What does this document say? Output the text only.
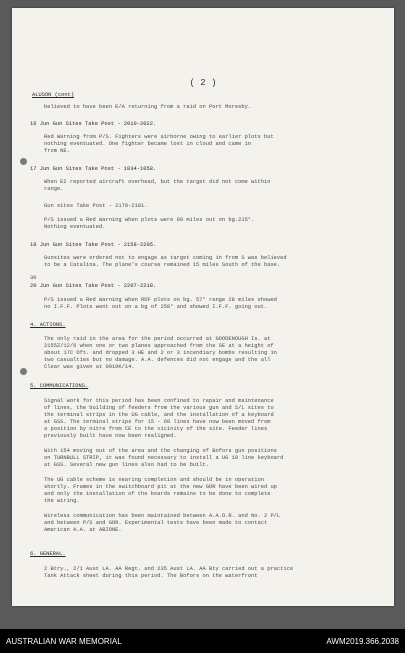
( 2 )
ALUSON (cont)
believed to have been E/A returning from a raid on Port Moresby.
16 Jun Gun Sites Take Post - 2010-2022.
Red Warning from P/S. Fighters were airborne owing to earlier plots but
nothing eventuated. One fighter became lost in cloud and came in
from NE.
17 Jun Gun Sites Take Post - 1034-1058.
When E2 reported aircraft overhead, but the target did not come within
range.
Gun sites Take Post - 2170-2181.
P/S issued a Red Warning when plots were 60 miles out on bg.215°.
Nothing eventuated.
18 Jun Gun Sites Take Post - 2158-2205.
Gunsites were ordered not to engage as target coming in from S was believed
to be a Catalina. The plane's course remained 15 miles South of the base.
30
20 Jun Gun Sites Take Post - 2207-2218.
P/S issued a Red Warning when RDF plots on bg. 57° range 28 miles showed
no I.F.F. Plots went out on a bg of 250° and showed I.F.F. going out.
4. ACTIONS.
The only raid in the area for the period occurred at GOODENOUGH Is. at
2155Z/12/6 when one or two planes approached from the SE at a height of
about 17C Oft. and dropped 3 HE and 2 or 3 incendiary bombs resulting in
two casualties but no damage. A.A. defences did not engage and the all
Clear was given at 0010K/14.
5. COMMUNICATIONS.
Signal work for this period has been confined to repair and maintenance
of lines, the building of feeders from the various gun and S/L sites to
the terminal strips in the UG cable, and the installation of a keyboard
at GSS. The terminal strips for 15 - 60 lines have now been moved from
a position by nitre from CE to the vicinity of the site. Feeder lines
previously built have now been realigned.
With 154 moving out of the area and the changing of Bofors gun positions
on TURNBULL STRIP, it was found necessary to install a UG 10 line keyboard
at GSS. Several new gun lines also had to be built.
The UG cable scheme is nearing completion and should be in operation
shortly. Frames in the switchboard pit at the new GOR have been wired up
and only the installation of the boards remains to be done to complete
the wiring.
Wireless communication has been maintained between A.A.O.R. and No. 2 P/L
and between P/S and GOR. Experimental tests have been made to contact
American A.A. at ABIONE.
6. GENERAL.
2 Btry., 2/1 Aust LA. AA Regt. and 235 Aust LA. AA Bty carried out a practice
Tank Attack sheet during this period. The Bofors on the waterfront
AUSTRALIAN WAR MEMORIAL	AWM2019.366.2038
